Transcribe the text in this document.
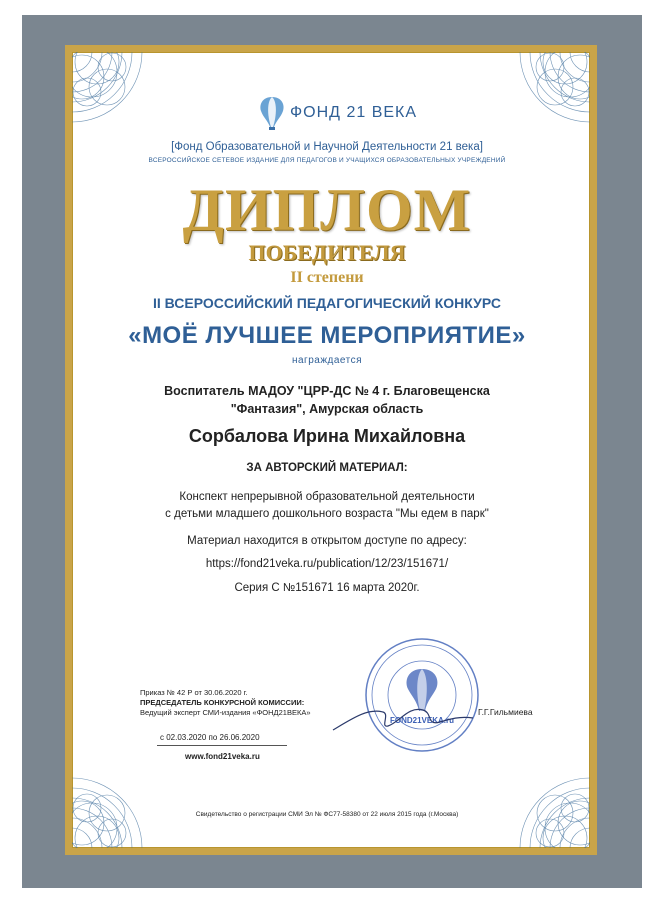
ФОНД 21 ВЕКА
[Фонд Образовательной и Научной Деятельности 21 века]
ВСЕРОССИЙСКОЕ СЕТЕВОЕ ИЗДАНИЕ ДЛЯ ПЕДАГОГОВ И УЧАЩИХСЯ ОБРАЗОВАТЕЛЬНЫХ УЧРЕЖДЕНИЙ
ДИПЛОМ
ПОБЕДИТЕЛЯ
II степени
II ВСЕРОССИЙСКИЙ ПЕДАГОГИЧЕСКИЙ КОНКУРС
«МОЁ ЛУЧШЕЕ МЕРОПРИЯТИЕ»
награждается
Воспитатель МАДОУ "ЦРР-ДС № 4 г. Благовещенска
"Фантазия", Амурская область
Сорбалова Ирина Михайловна
ЗА АВТОРСКИЙ МАТЕРИАЛ:
Конспект непрерывной образовательной деятельности
с детьми младшего дошкольного возраста "Мы едем в парк"
Материал находится в открытом доступе по адресу:
https://fond21veka.ru/publication/12/23/151671/
Серия С №151671 16 марта 2020г.
Приказ № 42 Р от 30.06.2020 г.
ПРЕДСЕДАТЕЛЬ КОНКУРСНОЙ КОМИССИИ:
Ведущий эксперт СМИ-издания «ФОНД21ВЕКА»
с 02.03.2020 по 26.06.2020
www.fond21veka.ru
FOND21VEKA.ru
Г.Г.Гильмиева
Свидетельство о регистрации СМИ Эл № ФС77-58380 от 22 июля 2015 года (г.Москва)
